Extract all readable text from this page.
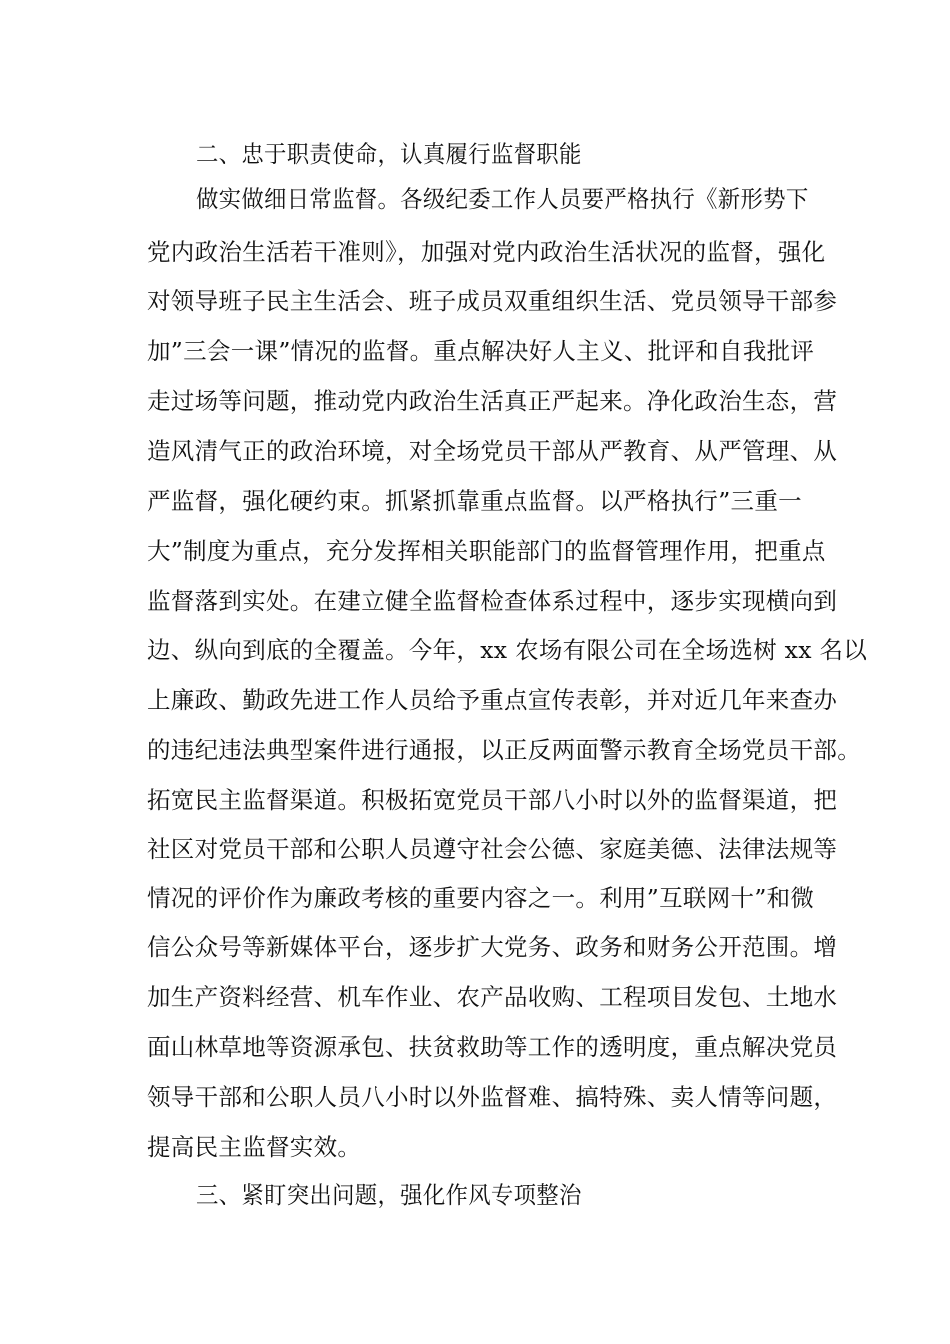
二、忠于职责使命，认真履行监督职能
做实做细日常监督。各级纪委工作人员要严格执行《新形势下
党内政治生活若干准则》，加强对党内政治生活状况的监督，强化
对领导班子民主生活会、班子成员双重组织生活、党员领导干部参
加”三会一课”情况的监督。重点解决好人主义、批评和自我批评
走过场等问题，推动党内政治生活真正严起来。净化政治生态，营
造风清气正的政治环境，对全场党员干部从严教育、从严管理、从
严监督，强化硬约束。抓紧抓靠重点监督。以严格执行”三重一
大”制度为重点，充分发挥相关职能部门的监督管理作用，把重点
监督落到实处。在建立健全监督检查体系过程中，逐步实现横向到
边、纵向到底的全覆盖。今年，xx 农场有限公司在全场选树 xx 名以
上廉政、勤政先进工作人员给予重点宣传表彰，并对近几年来查办
的违纪违法典型案件进行通报，以正反两面警示教育全场党员干部。
拓宽民主监督渠道。积极拓宽党员干部八小时以外的监督渠道，把
社区对党员干部和公职人员遵守社会公德、家庭美德、法律法规等
情况的评价作为廉政考核的重要内容之一。利用”互联网十”和微
信公众号等新媒体平台，逐步扩大党务、政务和财务公开范围。增
加生产资料经营、机车作业、农产品收购、工程项目发包、土地水
面山林草地等资源承包、扶贫救助等工作的透明度，重点解决党员
领导干部和公职人员八小时以外监督难、搞特殊、卖人情等问题，
提高民主监督实效。
三、紧盯突出问题，强化作风专项整治
